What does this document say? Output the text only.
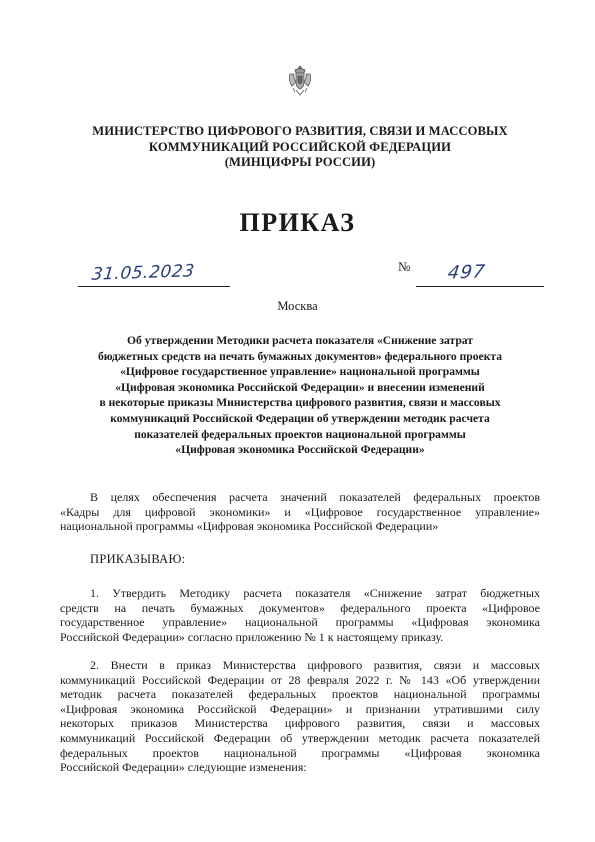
МИНИСТЕРСТВО ЦИФРОВОГО РАЗВИТИЯ, СВЯЗИ И МАССОВЫХ
КОММУНИКАЦИЙ РОССИЙСКОЙ ФЕДЕРАЦИИ
(МИНЦИФРЫ РОССИИ)
ПРИКАЗ
31.05.2023	№ 497
Москва
Об утверждении Методики расчета показателя «Снижение затрат
бюджетных средств на печать бумажных документов» федерального проекта
«Цифровое государственное управление» национальной программы
«Цифровая экономика Российской Федерации» и внесении изменений
в некоторые приказы Министерства цифрового развития, связи и массовых
коммуникаций Российской Федерации об утверждении методик расчета
показателей федеральных проектов национальной программы
«Цифровая экономика Российской Федерации»
В целях обеспечения расчета значений показателей федеральных проектов
«Кадры для цифровой экономики» и «Цифровое государственное управление»
национальной программы «Цифровая экономика Российской Федерации»
ПРИКАЗЫВАЮ:
1. Утвердить Методику расчета показателя «Снижение затрат бюджетных
средств на печать бумажных документов» федерального проекта «Цифровое
государственное управление» национальной программы «Цифровая экономика
Российской Федерации» согласно приложению № 1 к настоящему приказу.
2. Внести в приказ Министерства цифрового развития, связи и массовых
коммуникаций Российской Федерации от 28 февраля 2022 г. № 143 «Об утверждении
методик расчета показателей федеральных проектов национальной программы
«Цифровая экономика Российской Федерации» и признании утратившими силу
некоторых приказов Министерства цифрового развития, связи и массовых
коммуникаций Российской Федерации об утверждении методик расчета показателей
федеральных проектов национальной программы «Цифровая экономика
Российской Федерации» следующие изменения:
